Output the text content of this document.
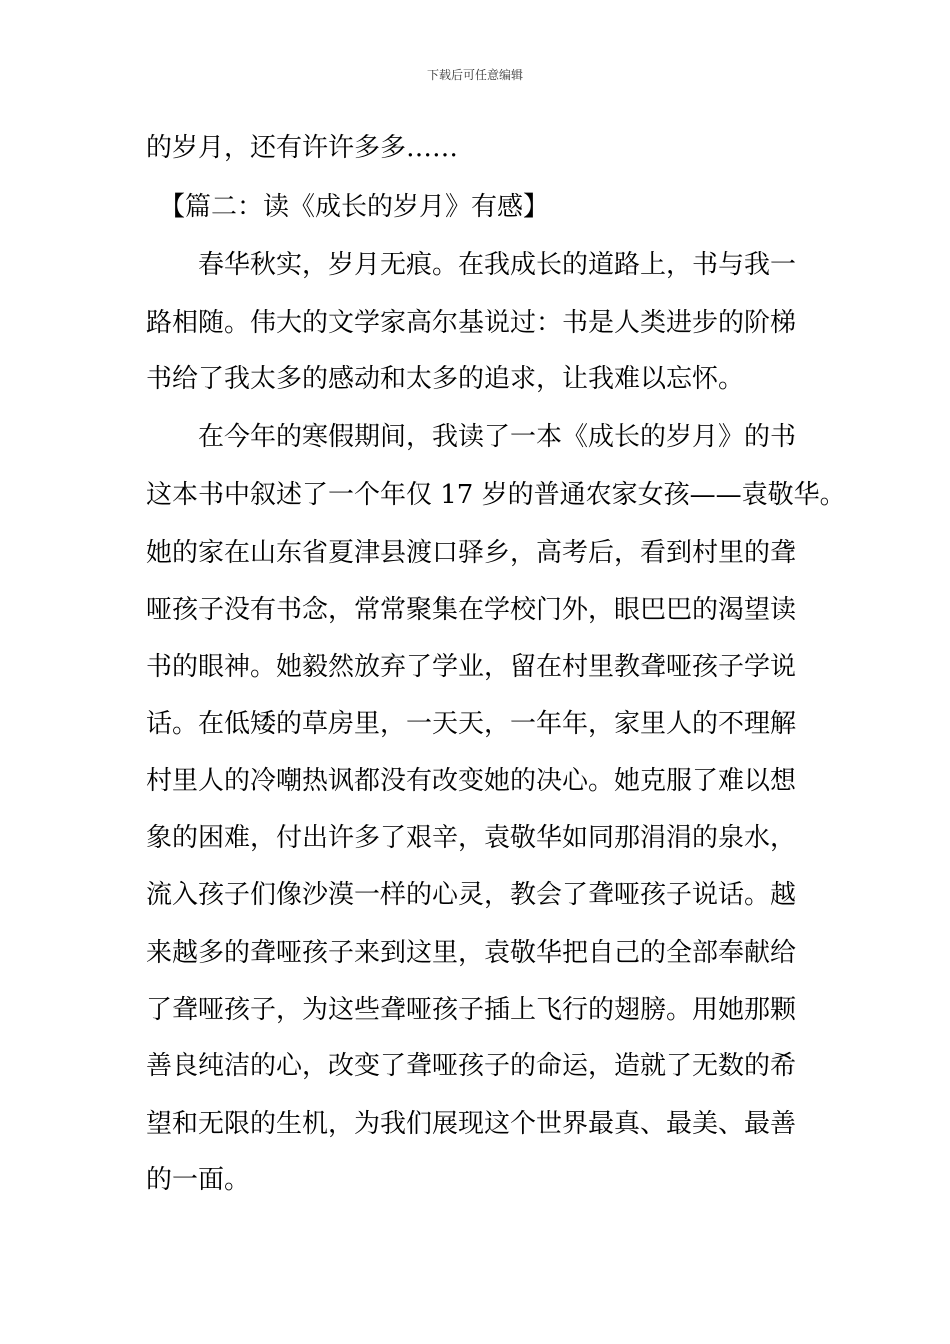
下载后可任意编辑
的岁月，还有许许多多……
　【篇二：读《成长的岁月》有感】
　　春华秋实，岁月无痕。在我成长的道路上，书与我一
路相随。伟大的文学家高尔基说过：书是人类进步的阶梯
书给了我太多的感动和太多的追求，让我难以忘怀。
　　在今年的寒假期间，我读了一本《成长的岁月》的书
这本书中叙述了一个年仅 17 岁的普通农家女孩——袁敬华。
她的家在山东省夏津县渡口驿乡，高考后，看到村里的聋
哑孩子没有书念，常常聚集在学校门外，眼巴巴的渴望读
书的眼神。她毅然放弃了学业，留在村里教聋哑孩子学说
话。在低矮的草房里，一天天，一年年，家里人的不理解
村里人的冷嘲热讽都没有改变她的决心。她克服了难以想
象的困难，付出许多了艰辛，袁敬华如同那涓涓的泉水，
流入孩子们像沙漠一样的心灵，教会了聋哑孩子说话。越
来越多的聋哑孩子来到这里，袁敬华把自己的全部奉献给
了聋哑孩子，为这些聋哑孩子插上飞行的翅膀。用她那颗
善良纯洁的心，改变了聋哑孩子的命运，造就了无数的希
望和无限的生机，为我们展现这个世界最真、最美、最善
的一面。
